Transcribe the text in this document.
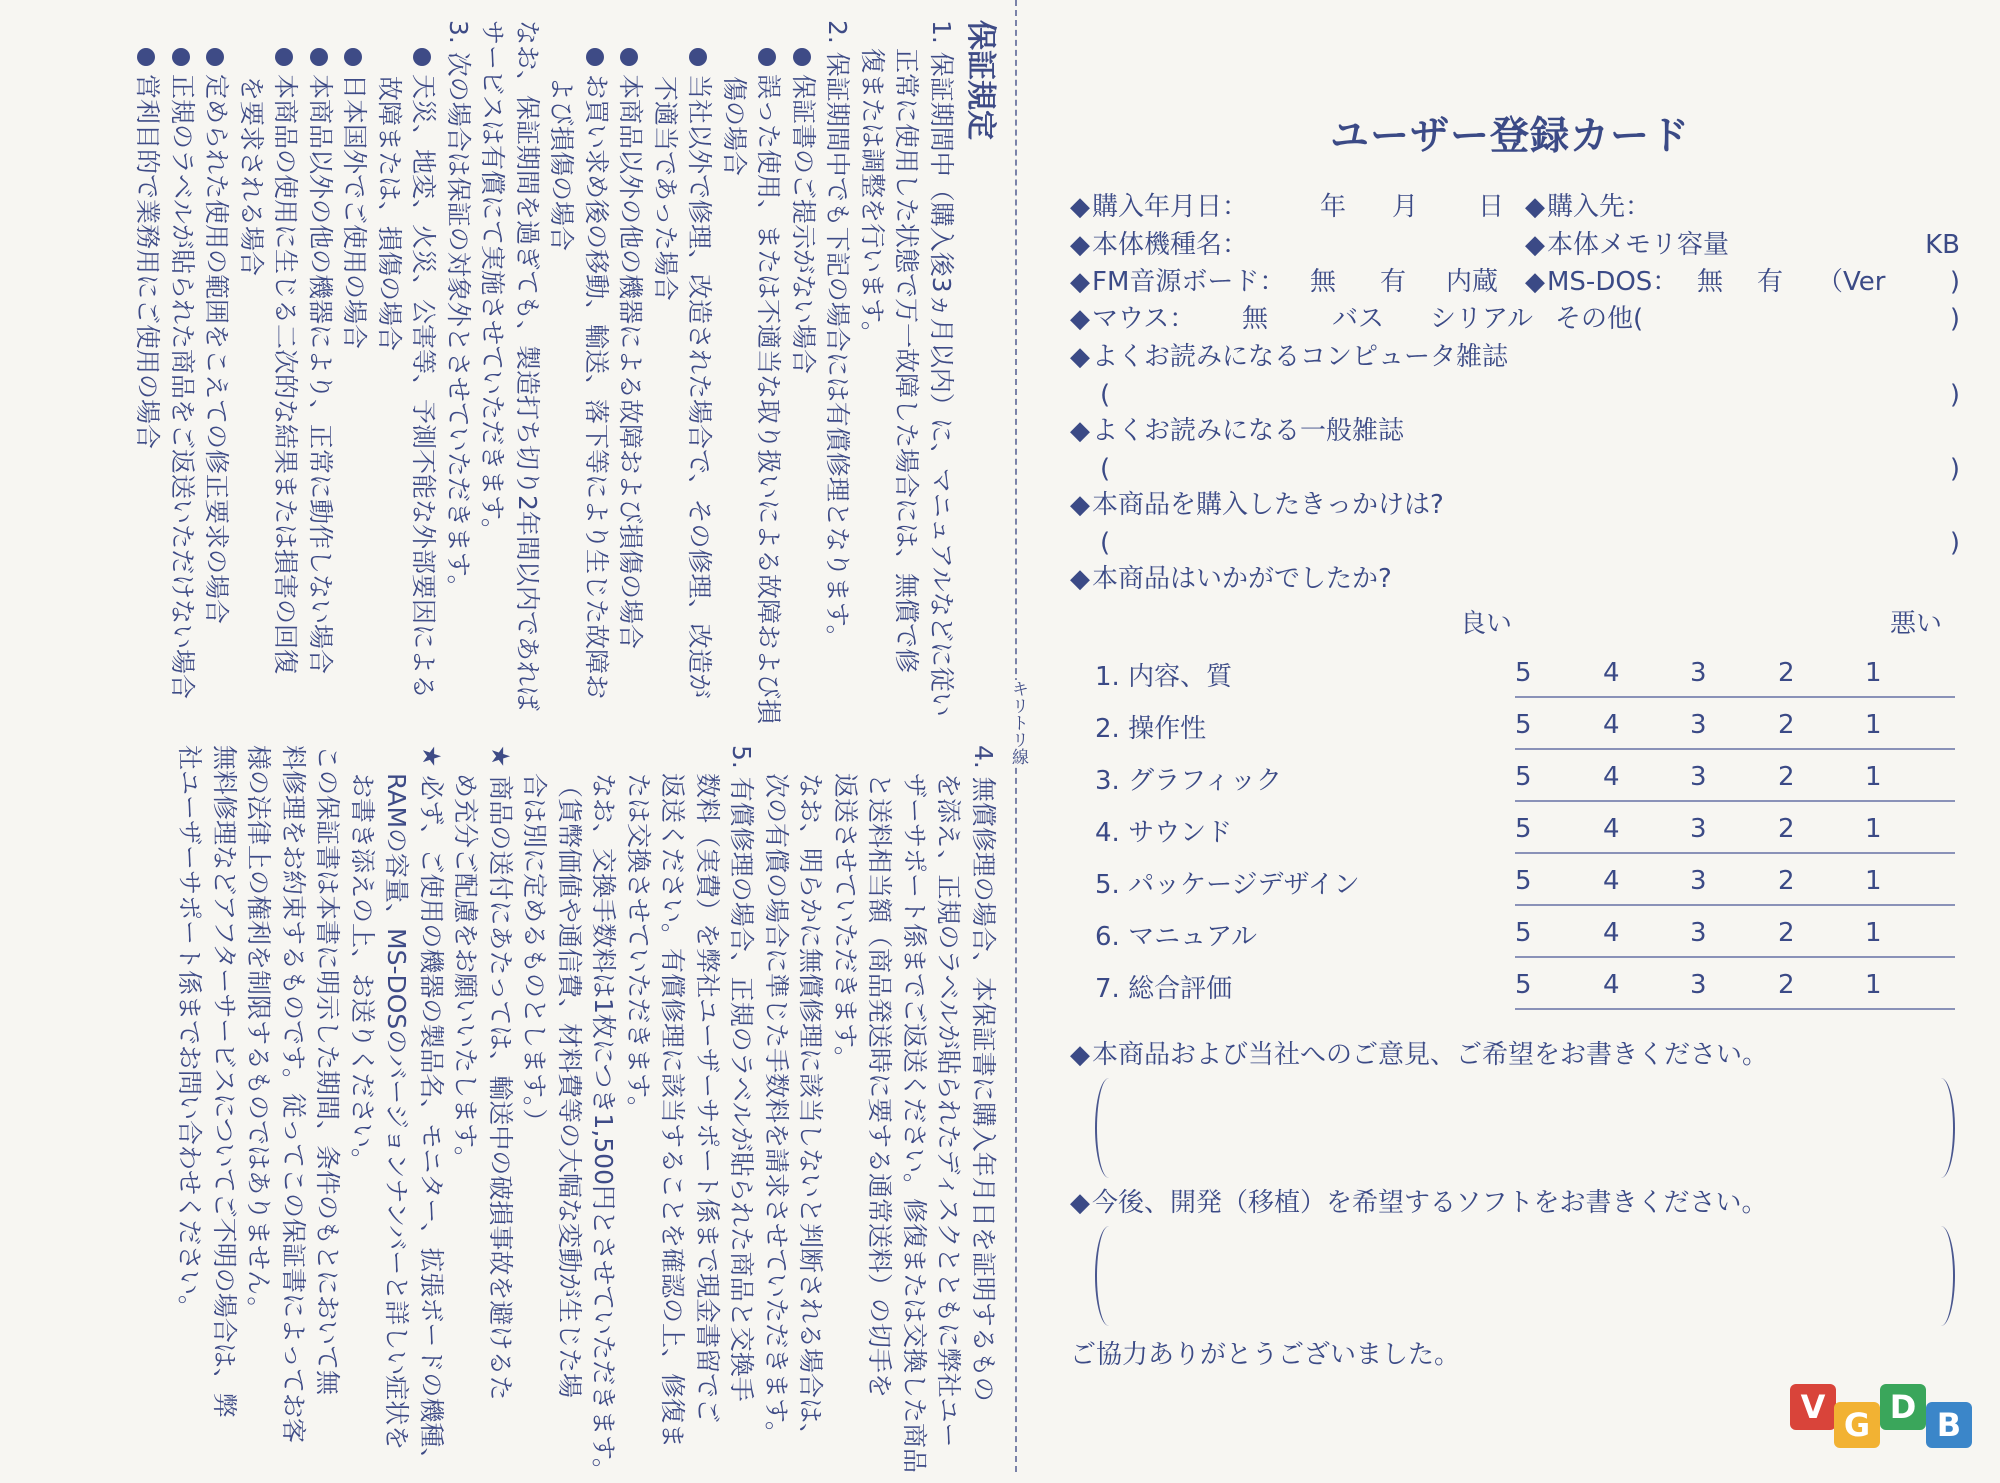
保証規定
1. 保証期間中（購入後3ヵ月以内）に、マニュアルなどに従い
正常に使用した状態で万一故障した場合には、無償で修
復または調整を行います。
2. 保証期間中でも下記の場合には有償修理となります。
保証書のご提示がない場合
誤った使用、または不適当な取り扱いによる故障および損
傷の場合
当社以外で修理、改造された場合で、その修理、改造が
不適当であった場合
本商品以外の他の機器による故障および損傷の場合
お買い求め後の移動、輸送、落下等により生じた故障お
よび損傷の場合
なお、保証期間を過ぎても、製造打ち切り2年間以内であれば
サービスは有償にて実施させていただきます。
3. 次の場合は保証の対象外とさせていただきます。
天災、地変、火災、公害等、予測不能な外部要因による
故障または、損傷の場合
日本国外でご使用の場合
本商品以外の他の機器により、正常に動作しない場合
本商品の使用に生じる二次的な結果または損害の回復
を要求される場合
定められた使用の範囲をこえての修正要求の場合
正規のラベルが貼られた商品をご返送いただけない場合
営利目的で業務用にご使用の場合
4. 無償修理の場合、本保証書に購入年月日を証明するもの
を添え、正規のラベルが貼られたディスクとともに弊社ユー
ザーサポート係までご返送ください。修復または交換した商品
と送料相当額（商品発送時に要する通常送料）の切手を
返送させていただきます。
なお、明らかに無償修理に該当しないと判断される場合は、
次の有償の場合に準じた手数料を請求させていただきます。
5. 有償修理の場合、正規のラベルが貼られた商品と交換手
数料（実費）を弊社ユーザーサポート係まで現金書留でご
返送ください。有償修理に該当することを確認の上、修復ま
たは交換させていただきます。
なお、交換手数料は1枚につき1,500円とさせていただきます。
（貨幣価値や通信費、材料費等の大幅な変動が生じた場
合は別に定めるものとします。）
★ 商品の送付にあたっては、輸送中の破損事故を避けるた
め充分ご配慮をお願いいたします。
★ 必ず、ご使用の機器の製品名、モニター、拡張ボードの機種、
RAMの容量、MS-DOSのバージョンナンバーと詳しい症状を
お書き添えの上、お送りください。
この保証書は本書に明示した期間、条件のもとにおいて無
料修理をお約束するものです。従ってこの保証書によってお客
様の法律上の権利を制限するものではありません。
無料修理などアフターサービスについてご不明の場合は、弊
社ユーザーサポート係までお問い合わせください。
キリトリ線
ユーザー登録カード
◆購入年月日：	年 月 日 ◆購入先：
◆本体機種名：	◆本体メモリ容量	KB
◆FM音源ボード： 無 有 内蔵 ◆MS-DOS： 無 有 （Ver )
◆マウス： 無 バス シリアル その他(	)
◆よくお読みになるコンピュータ雑誌
(	)
◆よくお読みになる一般雑誌
(	)
◆本商品を購入したきっかけは?
(	)
◆本商品はいかがでしたか?
良い	悪い
1. 内容、質	5	4	3	2	1
2. 操作性	5	4	3	2	1
3. グラフィック	5	4	3	2	1
4. サウンド	5	4	3	2	1
5. パッケージデザイン	5	4	3	2	1
6. マニュアル	5	4	3	2	1
7. 総合評価	5	4	3	2	1
◆本商品および当社へのご意見、ご希望をお書きください。
◆今後、開発（移植）を希望するソフトをお書きください。
ご協力ありがとうございました。
V G D B
